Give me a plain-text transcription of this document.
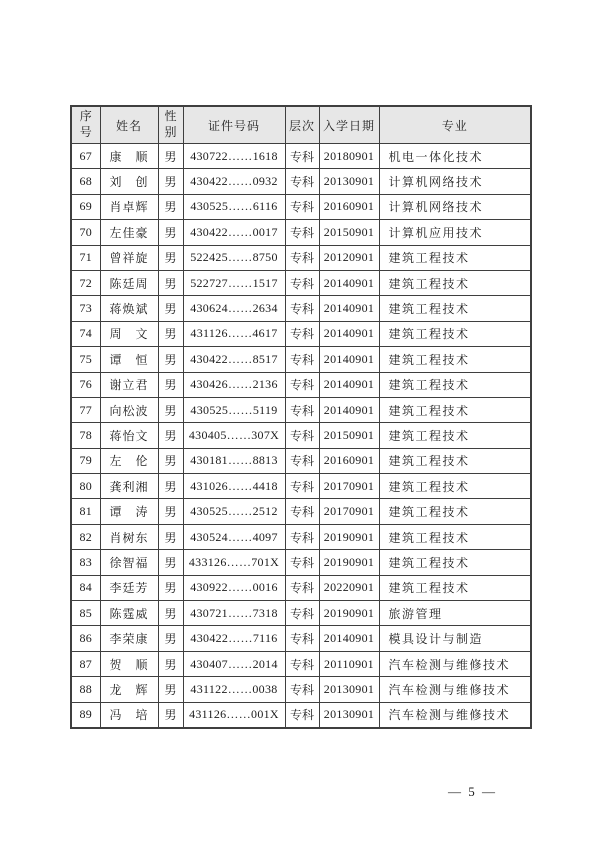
序号	姓名	性别	证件号码	层次	入学日期	专业
67	康　顺	男	430722……1618	专科	20180901	机电一体化技术
68	刘　创	男	430422……0932	专科	20130901	计算机网络技术
69	肖卓辉	男	430525……6116	专科	20160901	计算机网络技术
70	左佳豪	男	430422……0017	专科	20150901	计算机应用技术
71	曾祥旋	男	522425……8750	专科	20120901	建筑工程技术
72	陈廷周	男	522727……1517	专科	20140901	建筑工程技术
73	蒋焕斌	男	430624……2634	专科	20140901	建筑工程技术
74	周　文	男	431126……4617	专科	20140901	建筑工程技术
75	谭　恒	男	430422……8517	专科	20140901	建筑工程技术
76	谢立君	男	430426……2136	专科	20140901	建筑工程技术
77	向松波	男	430525……5119	专科	20140901	建筑工程技术
78	蒋怡文	男	430405……307X	专科	20150901	建筑工程技术
79	左　伦	男	430181……8813	专科	20160901	建筑工程技术
80	龚利湘	男	431026……4418	专科	20170901	建筑工程技术
81	谭　涛	男	430525……2512	专科	20170901	建筑工程技术
82	肖树东	男	430524……4097	专科	20190901	建筑工程技术
83	徐智福	男	433126……701X	专科	20190901	建筑工程技术
84	李廷芳	男	430922……0016	专科	20220901	建筑工程技术
85	陈霆威	男	430721……7318	专科	20190901	旅游管理
86	李荣康	男	430422……7116	专科	20140901	模具设计与制造
87	贺　顺	男	430407……2014	专科	20110901	汽车检测与维修技术
88	龙　辉	男	431122……0038	专科	20130901	汽车检测与维修技术
89	冯　培	男	431126……001X	专科	20130901	汽车检测与维修技术
— 5 —
